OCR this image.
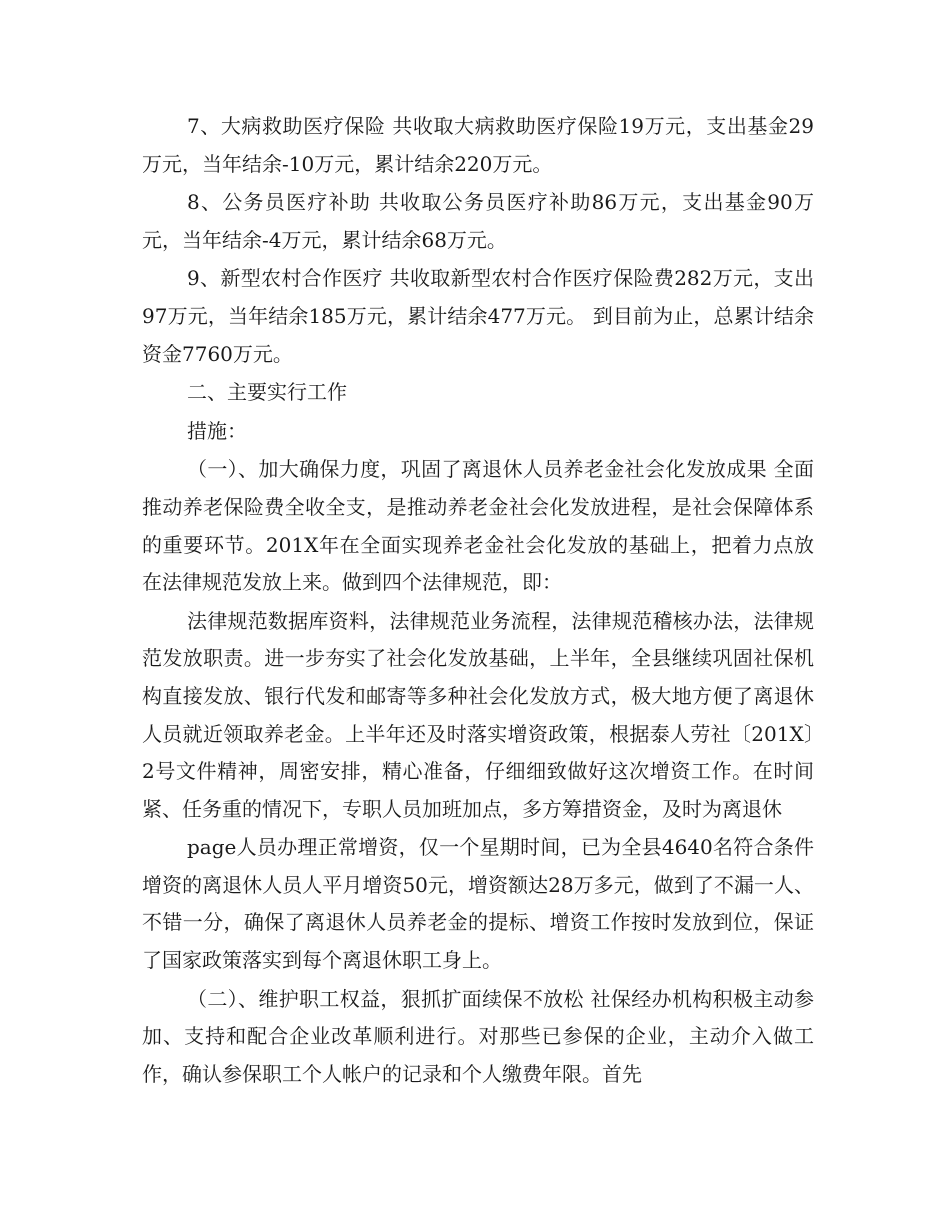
7、大病救助医疗保险 共收取大病救助医疗保险19万元，支出基金29万元，当年结余-10万元，累计结余220万元。

8、公务员医疗补助 共收取公务员医疗补助86万元，支出基金90万元，当年结余-4万元，累计结余68万元。

9、新型农村合作医疗 共收取新型农村合作医疗保险费282万元，支出97万元，当年结余185万元，累计结余477万元。 到目前为止，总累计结余资金7760万元。

二、主要实行工作

措施：

（一）、加大确保力度，巩固了离退休人员养老金社会化发放成果 全面推动养老保险费全收全支，是推动养老金社会化发放进程，是社会保障体系的重要环节。201X年在全面实现养老金社会化发放的基础上，把着力点放在法律规范发放上来。做到四个法律规范，即：

法律规范数据库资料，法律规范业务流程，法律规范稽核办法，法律规范发放职责。进一步夯实了社会化发放基础，上半年，全县继续巩固社保机构直接发放、银行代发和邮寄等多种社会化发放方式，极大地方便了离退休人员就近领取养老金。上半年还及时落实增资政策，根据泰人劳社〔201X〕2号文件精神，周密安排，精心准备，仔细细致做好这次增资工作。在时间紧、任务重的情况下，专职人员加班加点，多方筹措资金，及时为离退休

page人员办理正常增资，仅一个星期时间，已为全县4640名符合条件增资的离退休人员人平月增资50元，增资额达28万多元，做到了不漏一人、不错一分，确保了离退休人员养老金的提标、增资工作按时发放到位，保证了国家政策落实到每个离退休职工身上。

（二）、维护职工权益，狠抓扩面续保不放松 社保经办机构积极主动参加、支持和配合企业改革顺利进行。对那些已参保的企业，主动介入做工作，确认参保职工个人帐户的记录和个人缴费年限。首先
